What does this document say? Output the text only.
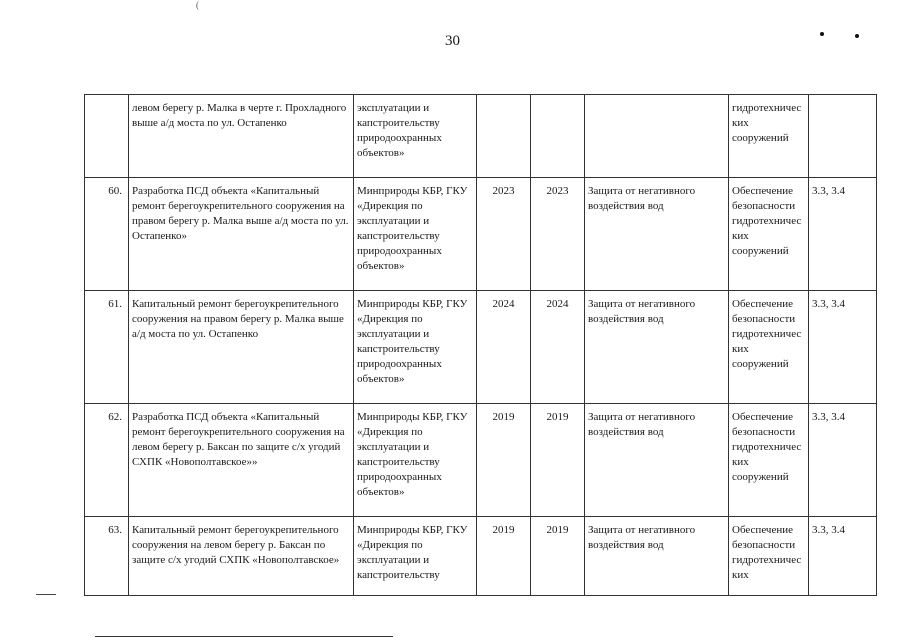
(
30
	левом берегу р. Малка в черте г. Прохладного выше а/д моста по ул. Остапенко	эксплуатации и капстроительству природоохранных объектов»				гидротехничес ких сооружений	
60.	Разработка ПСД объекта «Капитальный ремонт берегоукрепительного сооружения на правом берегу р. Малка выше а/д моста по ул. Остапенко»	Минприроды КБР, ГКУ «Дирекция по эксплуатации и капстроительству природоохранных объектов»	2023	2023	Защита от негативного воздействия вод	Обеспечение безопасности гидротехничес ких сооружений	3.3, 3.4
61.	Капитальный ремонт берегоукрепительного сооружения на правом берегу р. Малка выше а/д моста по ул. Остапенко	Минприроды КБР, ГКУ «Дирекция по эксплуатации и капстроительству природоохранных объектов»	2024	2024	Защита от негативного воздействия вод	Обеспечение безопасности гидротехничес ких сооружений	3.3, 3.4
62.	Разработка ПСД объекта «Капитальный ремонт берегоукрепительного сооружения на левом берегу р. Баксан по защите с/х угодий СХПК «Новополтавское»»	Минприроды КБР, ГКУ «Дирекция по эксплуатации и капстроительству природоохранных объектов»	2019	2019	Защита от негативного воздействия вод	Обеспечение безопасности гидротехничес ких сооружений	3.3, 3.4
63.	Капитальный ремонт берегоукрепительного сооружения на левом берегу р. Баксан по защите с/х угодий СХПК «Новополтавское»	Минприроды КБР, ГКУ «Дирекция по эксплуатации и капстроительству	2019	2019	Защита от негативного воздействия вод	Обеспечение безопасности гидротехничес ких	3.3, 3.4
